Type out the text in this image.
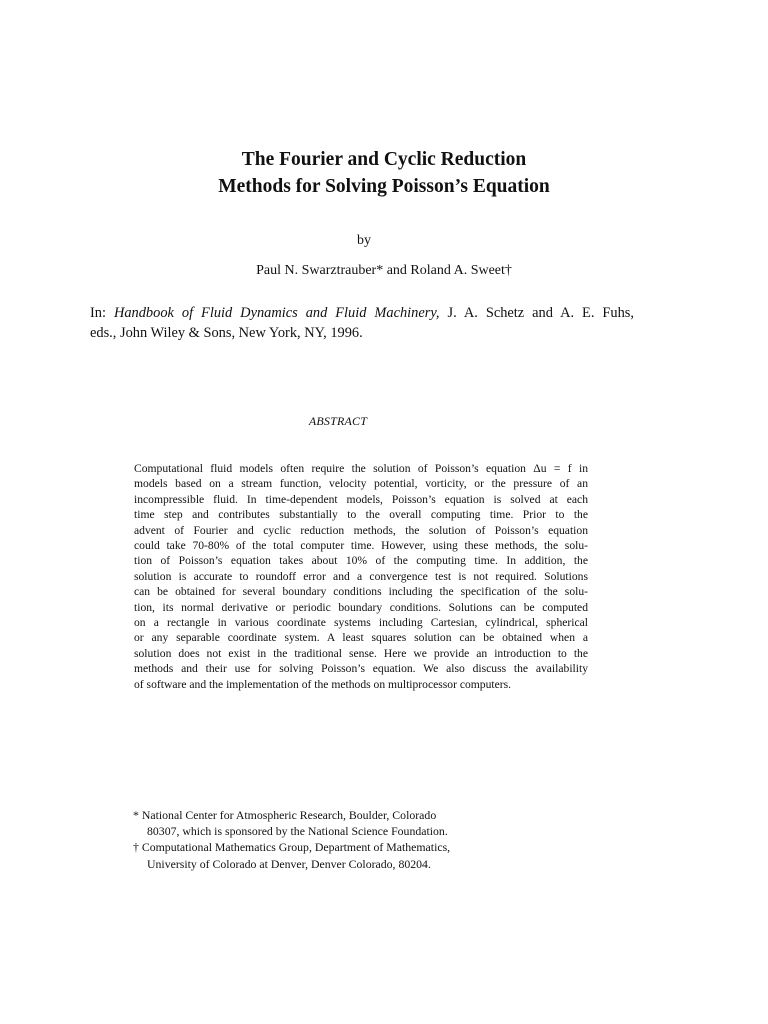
The Fourier and Cyclic Reduction
Methods for Solving Poisson’s Equation
by
Paul N. Swarztrauber* and Roland A. Sweet†
In: Handbook of Fluid Dynamics and Fluid Machinery, J. A. Schetz and A. E. Fuhs,
eds., John Wiley & Sons, New York, NY, 1996.
ABSTRACT
Computational fluid models often require the solution of Poisson’s equation Δu = f in
models based on a stream function, velocity potential, vorticity, or the pressure of an
incompressible fluid. In time-dependent models, Poisson’s equation is solved at each
time step and contributes substantially to the overall computing time. Prior to the
advent of Fourier and cyclic reduction methods, the solution of Poisson’s equation
could take 70-80% of the total computer time. However, using these methods, the solu-
tion of Poisson’s equation takes about 10% of the computing time. In addition, the
solution is accurate to roundoff error and a convergence test is not required. Solutions
can be obtained for several boundary conditions including the specification of the solu-
tion, its normal derivative or periodic boundary conditions. Solutions can be computed
on a rectangle in various coordinate systems including Cartesian, cylindrical, spherical
or any separable coordinate system. A least squares solution can be obtained when a
solution does not exist in the traditional sense. Here we provide an introduction to the
methods and their use for solving Poisson’s equation. We also discuss the availability
of software and the implementation of the methods on multiprocessor computers.
* National Center for Atmospheric Research, Boulder, Colorado
80307, which is sponsored by the National Science Foundation.
† Computational Mathematics Group, Department of Mathematics,
University of Colorado at Denver, Denver Colorado, 80204.
